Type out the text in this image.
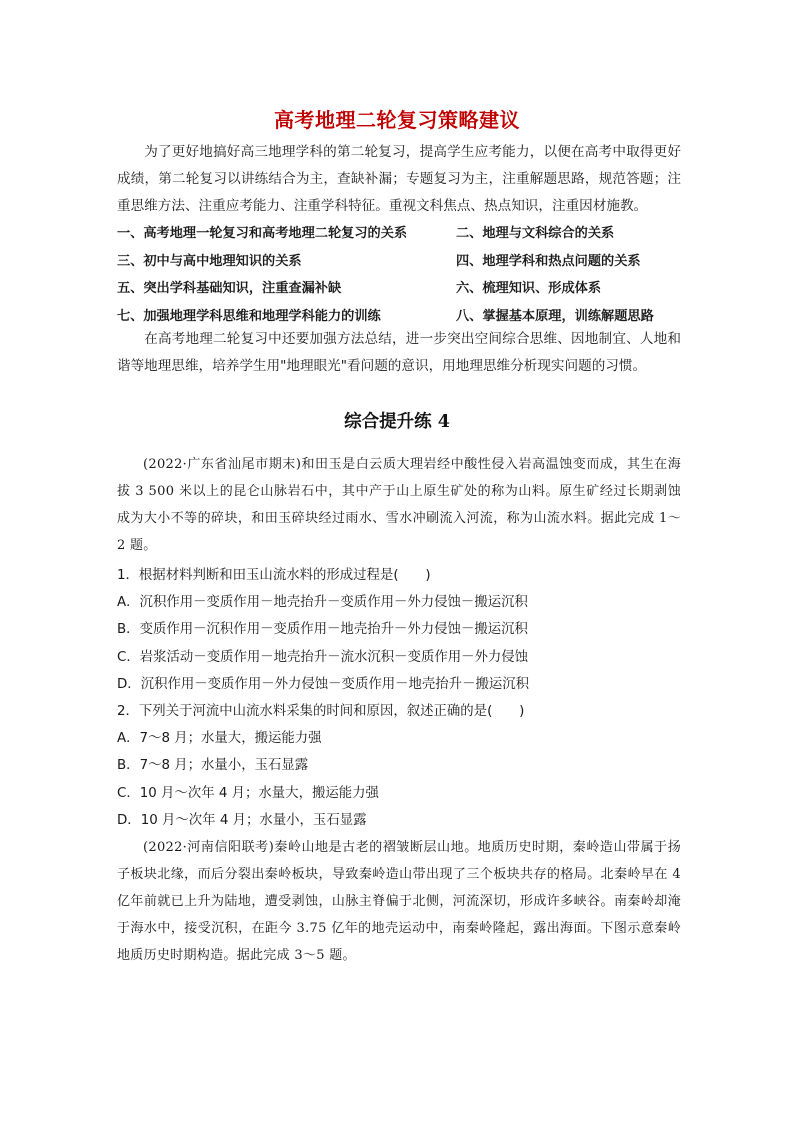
高考地理二轮复习策略建议
为了更好地搞好高三地理学科的第二轮复习，提高学生应考能力，以便在高考中取得更好成绩，第二轮复习以讲练结合为主，查缺补漏；专题复习为主，注重解题思路，规范答题；注重思维方法、注重应考能力、注重学科特征。重视文科焦点、热点知识，注重因材施教。
一、高考地理一轮复习和高考地理二轮复习的关系	二、地理与文科综合的关系
三、初中与高中地理知识的关系	四、地理学科和热点问题的关系
五、突出学科基础知识，注重查漏补缺	六、梳理知识、形成体系
七、加强地理学科思维和地理学科能力的训练	八、掌握基本原理，训练解题思路
在高考地理二轮复习中还要加强方法总结，进一步突出空间综合思维、因地制宜、人地和谐等地理思维，培养学生用"地理眼光"看问题的意识，用地理思维分析现实问题的习惯。
综合提升练 4
(2022·广东省汕尾市期末)和田玉是白云质大理岩经中酸性侵入岩高温蚀变而成，其生在海拔 3 500 米以上的昆仑山脉岩石中，其中产于山上原生矿处的称为山料。原生矿经过长期剥蚀成为大小不等的碎块，和田玉碎块经过雨水、雪水冲刷流入河流，称为山流水料。据此完成 1～2 题。
1．根据材料判断和田玉山流水料的形成过程是(　　)
A．沉积作用－变质作用－地壳抬升－变质作用－外力侵蚀－搬运沉积
B．变质作用－沉积作用－变质作用－地壳抬升－外力侵蚀－搬运沉积
C．岩浆活动－变质作用－地壳抬升－流水沉积－变质作用－外力侵蚀
D．沉积作用－变质作用－外力侵蚀－变质作用－地壳抬升－搬运沉积
2．下列关于河流中山流水料采集的时间和原因，叙述正确的是(　　)
A．7～8 月；水量大，搬运能力强
B．7～8 月；水量小，玉石显露
C．10 月～次年 4 月；水量大，搬运能力强
D．10 月～次年 4 月；水量小，玉石显露
(2022·河南信阳联考)秦岭山地是古老的褶皱断层山地。地质历史时期，秦岭造山带属于扬子板块北缘，而后分裂出秦岭板块，导致秦岭造山带出现了三个板块共存的格局。北秦岭早在 4 亿年前就已上升为陆地，遭受剥蚀，山脉主脊偏于北侧，河流深切，形成许多峡谷。南秦岭却淹于海水中，接受沉积，在距今 3.75 亿年的地壳运动中，南秦岭隆起，露出海面。下图示意秦岭地质历史时期构造。据此完成 3～5 题。
